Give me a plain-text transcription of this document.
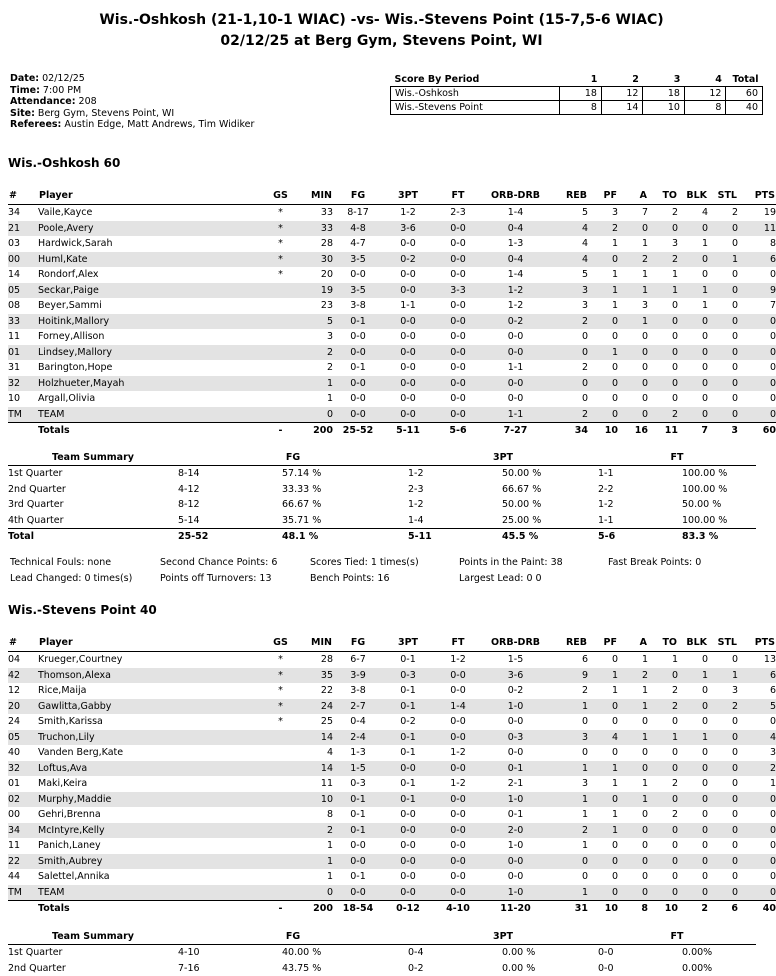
Wis.-Oshkosh (21-1,10-1 WIAC) -vs- Wis.-Stevens Point (15-7,5-6 WIAC)
02/12/25 at Berg Gym, Stevens Point, WI
Date: 02/12/25
Time: 7:00 PM
Attendance: 208
Site: Berg Gym, Stevens Point, WI
Referees: Austin Edge, Matt Andrews, Tim Widiker
Score By Period	1	2	3	4	Total
Wis.-Oshkosh	18	12	18	12	60
Wis.-Stevens Point	8	14	10	8	40
Wis.-Oshkosh 60
#	Player	GS	MIN	FG	3PT	FT	ORB-DRB	REB	PF	A	TO	BLK	STL	PTS
34	Vaile,Kayce	*	33	8-17	1-2	2-3	1-4	5	3	7	2	4	2	19
21	Poole,Avery	*	33	4-8	3-6	0-0	0-4	4	2	0	0	0	0	11
03	Hardwick,Sarah	*	28	4-7	0-0	0-0	1-3	4	1	1	3	1	0	8
00	Huml,Kate	*	30	3-5	0-2	0-0	0-4	4	0	2	2	0	1	6
14	Rondorf,Alex	*	20	0-0	0-0	0-0	1-4	5	1	1	1	0	0	0
05	Seckar,Paige		19	3-5	0-0	3-3	1-2	3	1	1	1	1	0	9
08	Beyer,Sammi		23	3-8	1-1	0-0	1-2	3	1	3	0	1	0	7
33	Hoitink,Mallory		5	0-1	0-0	0-0	0-2	2	0	1	0	0	0	0
11	Forney,Allison		3	0-0	0-0	0-0	0-0	0	0	0	0	0	0	0
01	Lindsey,Mallory		2	0-0	0-0	0-0	0-0	0	1	0	0	0	0	0
31	Barington,Hope		2	0-1	0-0	0-0	1-1	2	0	0	0	0	0	0
32	Holzhueter,Mayah		1	0-0	0-0	0-0	0-0	0	0	0	0	0	0	0
10	Argall,Olivia		1	0-0	0-0	0-0	0-0	0	0	0	0	0	0	0
TM	TEAM		0	0-0	0-0	0-0	1-1	2	0	0	2	0	0	0
	Totals	-	200	25-52	5-11	5-6	7-27	34	10	16	11	7	3	60
Team Summary	FG		3PT		FT	
1st Quarter	8-14	57.14 %	1-2	50.00 %	1-1	100.00 %
2nd Quarter	4-12	33.33 %	2-3	66.67 %	2-2	100.00 %
3rd Quarter	8-12	66.67 %	1-2	50.00 %	1-2	50.00 %
4th Quarter	5-14	35.71 %	1-4	25.00 %	1-1	100.00 %
Total	25-52	48.1 %	5-11	45.5 %	5-6	83.3 %
Technical Fouls: none	Second Chance Points: 6	Scores Tied: 1 times(s)	Points in the Paint: 38	Fast Break Points: 0
Lead Changed: 0 times(s)	Points off Turnovers: 13	Bench Points: 16	Largest Lead: 0 0
Wis.-Stevens Point 40
#	Player	GS	MIN	FG	3PT	FT	ORB-DRB	REB	PF	A	TO	BLK	STL	PTS
04	Krueger,Courtney	*	28	6-7	0-1	1-2	1-5	6	0	1	1	0	0	13
42	Thomson,Alexa	*	35	3-9	0-3	0-0	3-6	9	1	2	0	1	1	6
12	Rice,Maija	*	22	3-8	0-1	0-0	0-2	2	1	1	2	0	3	6
20	Gawlitta,Gabby	*	24	2-7	0-1	1-4	1-0	1	0	1	2	0	2	5
24	Smith,Karissa	*	25	0-4	0-2	0-0	0-0	0	0	0	0	0	0	0
05	Truchon,Lily		14	2-4	0-1	0-0	0-3	3	4	1	1	1	0	4
40	Vanden Berg,Kate		4	1-3	0-1	1-2	0-0	0	0	0	0	0	0	3
32	Loftus,Ava		14	1-5	0-0	0-0	0-1	1	1	0	0	0	0	2
01	Maki,Keira		11	0-3	0-1	1-2	2-1	3	1	1	2	0	0	1
02	Murphy,Maddie		10	0-1	0-1	0-0	1-0	1	0	1	0	0	0	0
00	Gehri,Brenna		8	0-1	0-0	0-0	0-1	1	1	0	2	0	0	0
34	McIntyre,Kelly		2	0-1	0-0	0-0	2-0	2	1	0	0	0	0	0
11	Panich,Laney		1	0-0	0-0	0-0	1-0	1	0	0	0	0	0	0
22	Smith,Aubrey		1	0-0	0-0	0-0	0-0	0	0	0	0	0	0	0
44	Salettel,Annika		1	0-1	0-0	0-0	0-0	0	0	0	0	0	0	0
TM	TEAM		0	0-0	0-0	0-0	1-0	1	0	0	0	0	0	0
	Totals	-	200	18-54	0-12	4-10	11-20	31	10	8	10	2	6	40
Team Summary	FG		3PT		FT	
1st Quarter	4-10	40.00 %	0-4	0.00 %	0-0	0.00%
2nd Quarter	7-16	43.75 %	0-2	0.00 %	0-0	0.00%
